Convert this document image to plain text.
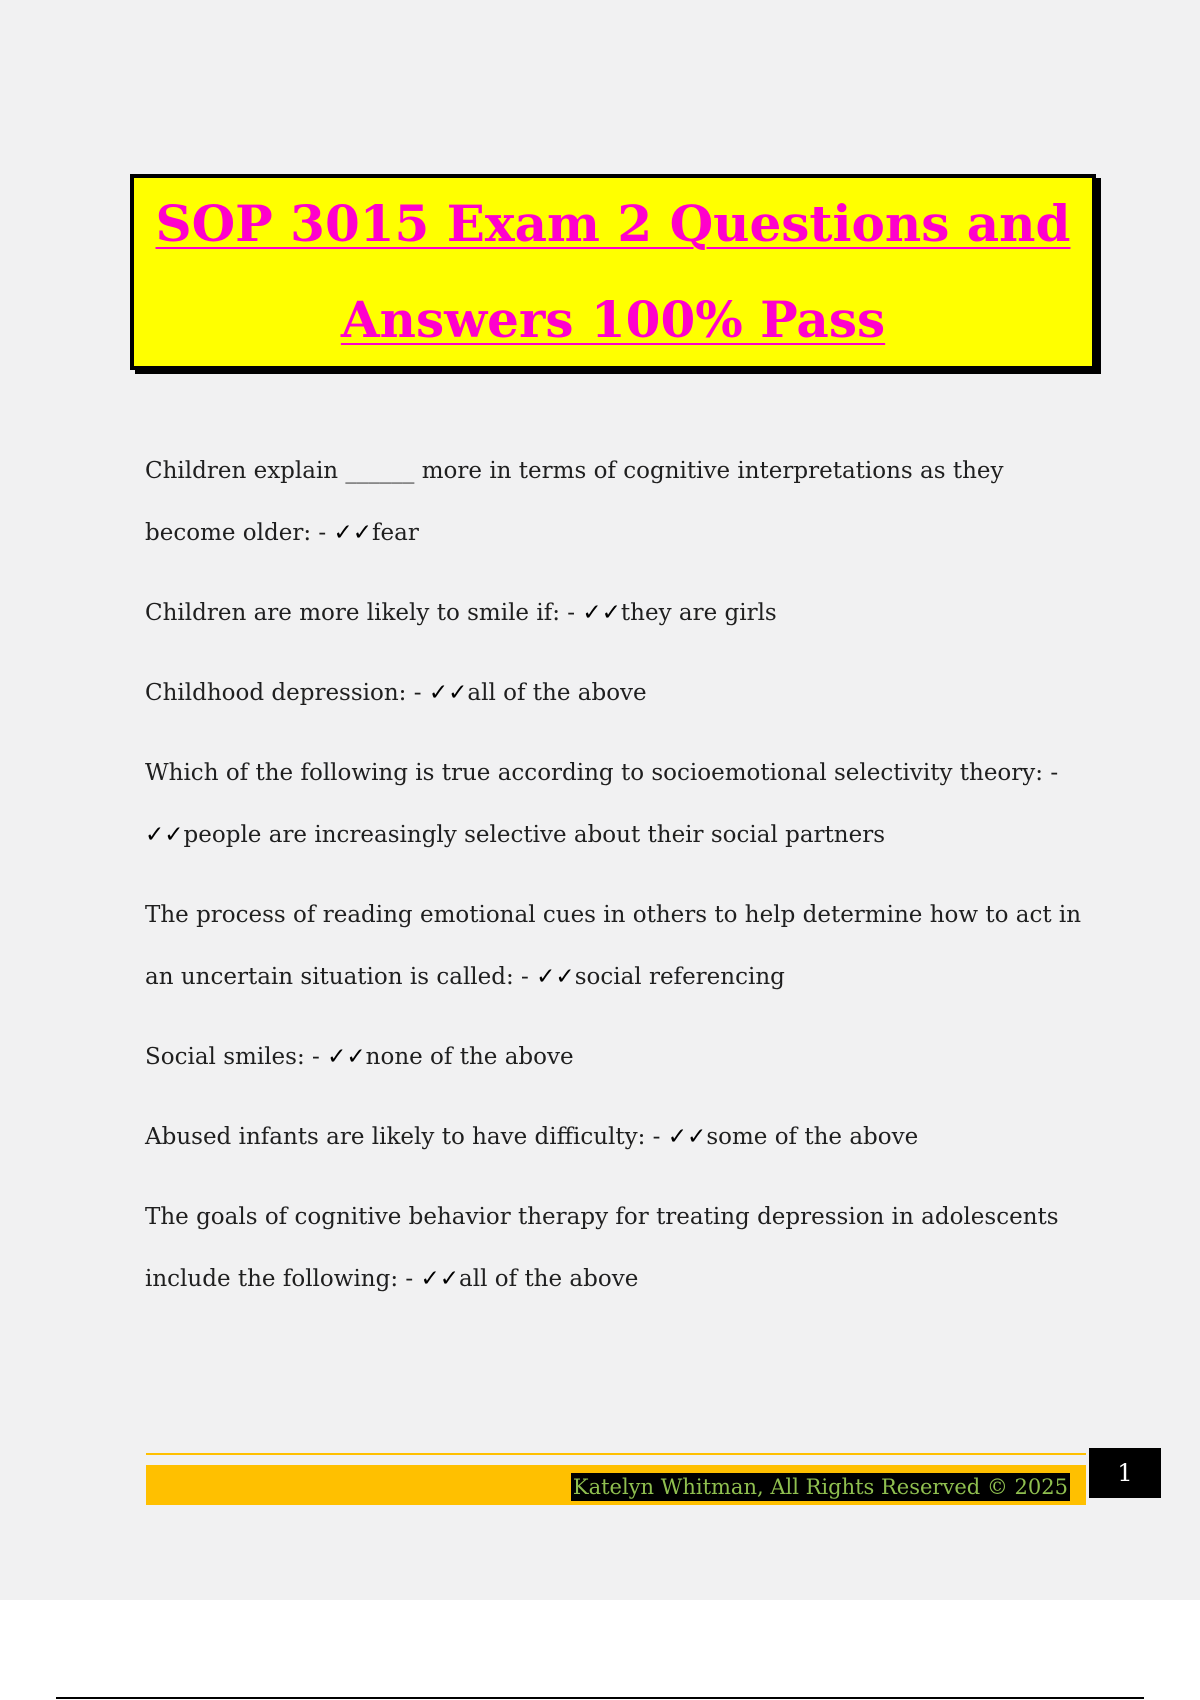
SOP 3015 Exam 2 Questions and
Answers 100% Pass

Children explain ______ more in terms of cognitive interpretations as they become older: - ✓✓fear

Children are more likely to smile if: - ✓✓they are girls

Childhood depression: - ✓✓all of the above

Which of the following is true according to socioemotional selectivity theory: - ✓✓people are increasingly selective about their social partners

The process of reading emotional cues in others to help determine how to act in an uncertain situation is called: - ✓✓social referencing

Social smiles: - ✓✓none of the above

Abused infants are likely to have difficulty: - ✓✓some of the above

The goals of cognitive behavior therapy for treating depression in adolescents include the following: - ✓✓all of the above

Katelyn Whitman, All Rights Reserved © 2025	1
